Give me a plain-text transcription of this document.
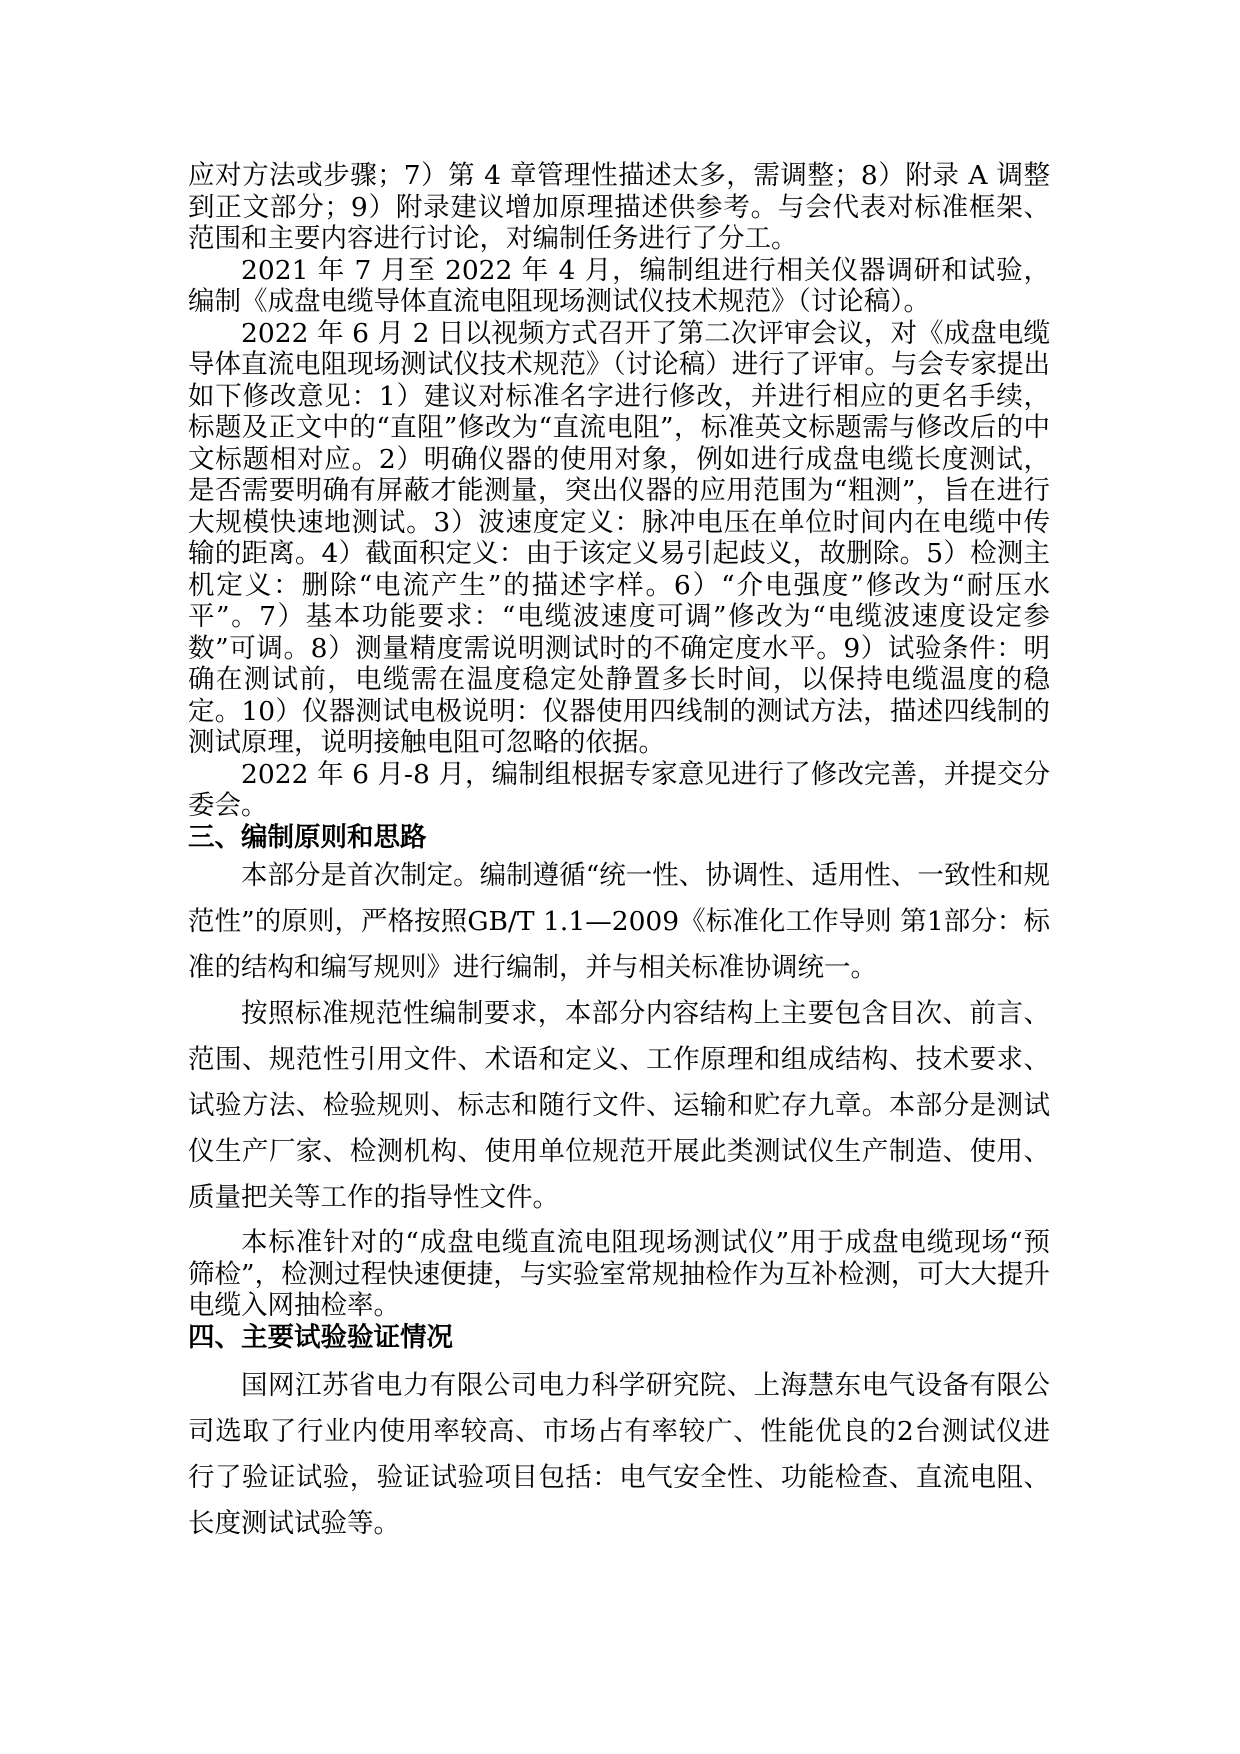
应对方法或步骤；7）第 4 章管理性描述太多，需调整；8）附录 A 调整到正文部分；9）附录建议增加原理描述供参考。与会代表对标准框架、范围和主要内容进行讨论，对编制任务进行了分工。

2021 年 7 月至 2022 年 4 月，编制组进行相关仪器调研和试验，编制《成盘电缆导体直流电阻现场测试仪技术规范》（讨论稿）。

2022 年 6 月 2 日以视频方式召开了第二次评审会议，对《成盘电缆导体直流电阻现场测试仪技术规范》（讨论稿）进行了评审。与会专家提出如下修改意见：1）建议对标准名字进行修改，并进行相应的更名手续，标题及正文中的“直阻”修改为“直流电阻”，标准英文标题需与修改后的中文标题相对应。2）明确仪器的使用对象，例如进行成盘电缆长度测试，是否需要明确有屏蔽才能测量，突出仪器的应用范围为“粗测”，旨在进行大规模快速地测试。3）波速度定义：脉冲电压在单位时间内在电缆中传输的距离。4）截面积定义：由于该定义易引起歧义，故删除。5）检测主机定义：删除“电流产生”的描述字样。6）“介电强度”修改为“耐压水平”。7）基本功能要求：“电缆波速度可调”修改为“电缆波速度设定参数”可调。8）测量精度需说明测试时的不确定度水平。9）试验条件：明确在测试前，电缆需在温度稳定处静置多长时间，以保持电缆温度的稳定。10）仪器测试电极说明：仪器使用四线制的测试方法，描述四线制的测试原理，说明接触电阻可忽略的依据。

2022 年 6 月-8 月，编制组根据专家意见进行了修改完善，并提交分委会。

三、编制原则和思路

本部分是首次制定。编制遵循“统一性、协调性、适用性、一致性和规范性”的原则，严格按照GB/T 1.1—2009《标准化工作导则 第1部分：标准的结构和编写规则》进行编制，并与相关标准协调统一。

按照标准规范性编制要求，本部分内容结构上主要包含目次、前言、范围、规范性引用文件、术语和定义、工作原理和组成结构、技术要求、试验方法、检验规则、标志和随行文件、运输和贮存九章。本部分是测试仪生产厂家、检测机构、使用单位规范开展此类测试仪生产制造、使用、质量把关等工作的指导性文件。

本标准针对的“成盘电缆直流电阻现场测试仪”用于成盘电缆现场“预筛检”，检测过程快速便捷，与实验室常规抽检作为互补检测，可大大提升电缆入网抽检率。

四、主要试验验证情况

国网江苏省电力有限公司电力科学研究院、上海慧东电气设备有限公司选取了行业内使用率较高、市场占有率较广、性能优良的2台测试仪进行了验证试验，验证试验项目包括：电气安全性、功能检查、直流电阻、长度测试试验等。
